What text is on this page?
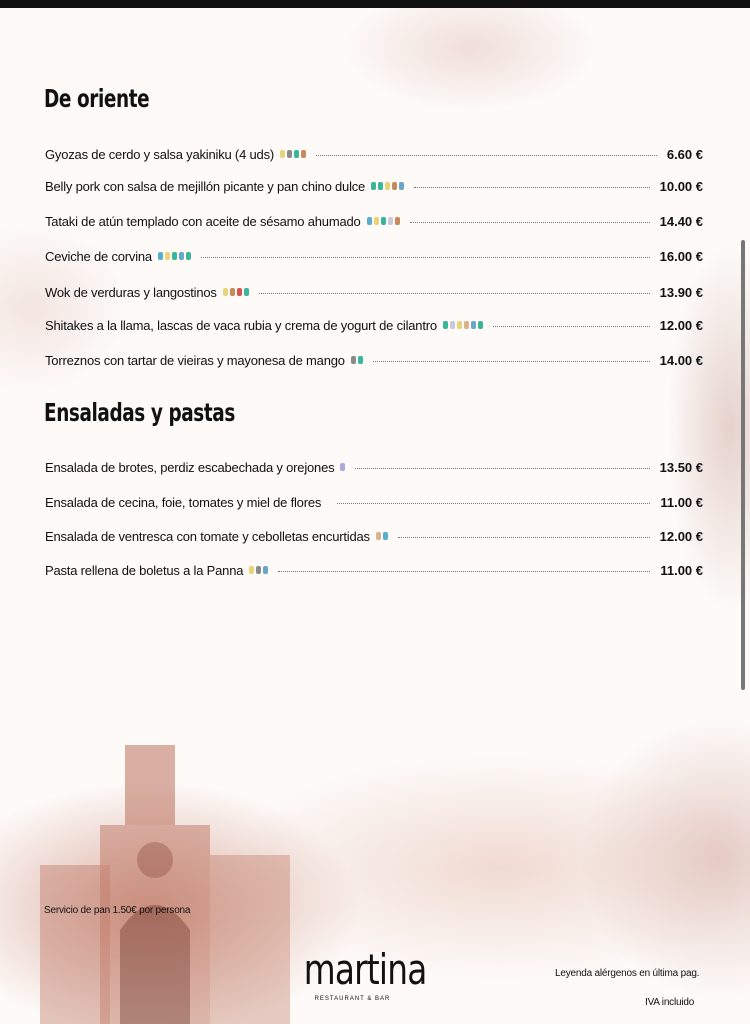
De oriente
Ensaladas y pastas
Gyozas de cerdo y salsa yakiniku (4 uds)	6.60 €
Belly pork con salsa de mejillón picante y pan chino dulce	10.00 €
Tataki de atún templado con aceite de sésamo ahumado	14.40 €
Ceviche de corvina	16.00 €
Wok de verduras y langostinos	13.90 €
Shitakes a la llama, lascas de vaca rubia y crema de yogurt de cilantro	12.00 €
Torreznos con tartar de vieiras y mayonesa de mango	14.00 €
Ensalada de brotes, perdiz escabechada y orejones	13.50 €
Ensalada de cecina, foie, tomates y miel de flores	11.00 €
Ensalada de ventresca con tomate y cebolletas encurtidas	12.00 €
Pasta rellena de boletus a la Panna	11.00 €
Servicio de pan 1.50€ por persona
Leyenda alérgenos en última pag.
IVA incluido
martina
RESTAURANT & BAR
